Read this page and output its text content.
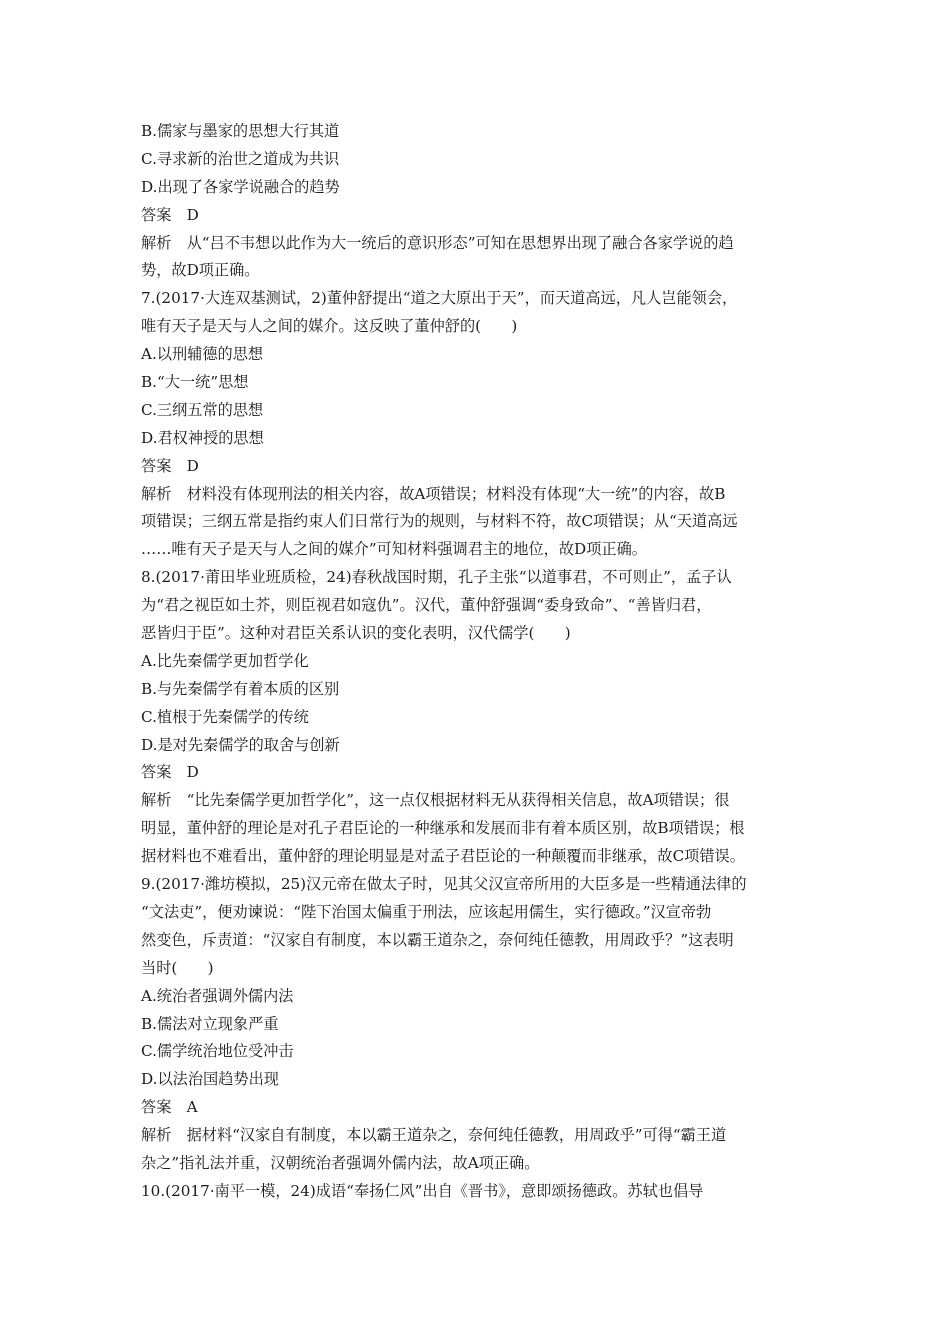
B.儒家与墨家的思想大行其道
C.寻求新的治世之道成为共识
D.出现了各家学说融合的趋势
答案　D
解析　从“吕不韦想以此作为大一统后的意识形态”可知在思想界出现了融合各家学说的趋
势，故D项正确。
7.(2017·大连双基测试，2)董仲舒提出“道之大原出于天”，而天道高远，凡人岂能领会，
唯有天子是天与人之间的媒介。这反映了董仲舒的(　　)
A.以刑辅德的思想
B.“大一统”思想
C.三纲五常的思想
D.君权神授的思想
答案　D
解析　材料没有体现刑法的相关内容，故A项错误；材料没有体现“大一统”的内容，故B
项错误；三纲五常是指约束人们日常行为的规则，与材料不符，故C项错误；从“天道高远
……唯有天子是天与人之间的媒介”可知材料强调君主的地位，故D项正确。
8.(2017·莆田毕业班质检，24)春秋战国时期，孔子主张“以道事君，不可则止”，孟子认
为“君之视臣如土芥，则臣视君如寇仇”。汉代，董仲舒强调“委身致命”、“善皆归君，
恶皆归于臣”。这种对君臣关系认识的变化表明，汉代儒学(　　)
A.比先秦儒学更加哲学化
B.与先秦儒学有着本质的区别
C.植根于先秦儒学的传统
D.是对先秦儒学的取舍与创新
答案　D
解析　“比先秦儒学更加哲学化”，这一点仅根据材料无从获得相关信息，故A项错误；很
明显，董仲舒的理论是对孔子君臣论的一种继承和发展而非有着本质区别，故B项错误；根
据材料也不难看出，董仲舒的理论明显是对孟子君臣论的一种颠覆而非继承，故C项错误。
9.(2017·潍坊模拟，25)汉元帝在做太子时，见其父汉宣帝所用的大臣多是一些精通法律的
“文法吏”，便劝谏说：“陛下治国太偏重于刑法，应该起用儒生，实行德政。”汉宣帝勃
然变色，斥责道：“汉家自有制度，本以霸王道杂之，奈何纯任德教，用周政乎？”这表明
当时(　　)
A.统治者强调外儒内法
B.儒法对立现象严重
C.儒学统治地位受冲击
D.以法治国趋势出现
答案　A
解析　据材料“汉家自有制度，本以霸王道杂之，奈何纯任德教，用周政乎”可得“霸王道
杂之”指礼法并重，汉朝统治者强调外儒内法，故A项正确。
10.(2017·南平一模，24)成语“奉扬仁风”出自《晋书》，意即颂扬德政。苏轼也倡导
